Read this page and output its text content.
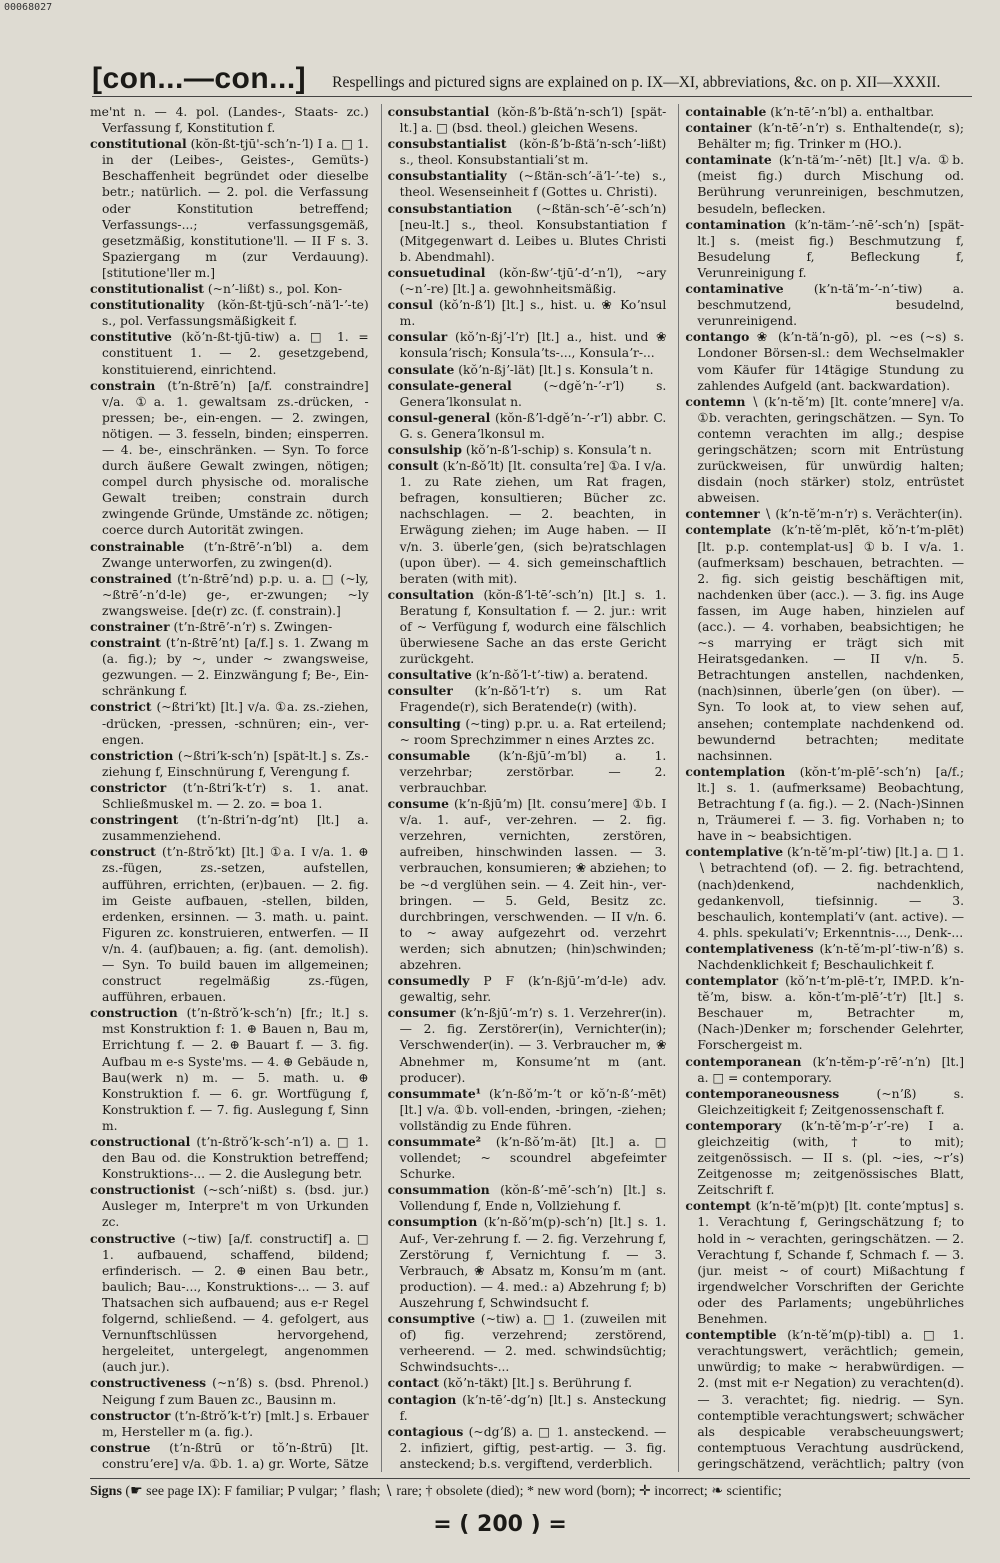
00068027
[con...—con...] Respellings and pictured signs are explained on p. IX—XI, abbreviations, &c. on p. XII—XXXII.

me'nt n. — 4. pol. (Landes-, Staats- zc.) Verfassung f, Konstitution f.

constitutional (kŏn-ßt-tjū'-schʼn-ʼl) I a. □ 1. in der (Leibes-, Geistes-, Gemüts-) Beschaffenheit begründet oder dieselbe betr.; natürlich. — 2. pol. die Verfassung oder Konstitution betreffend; Verfassungs-...; verfassungsgemäß, gesetzmäßig, konstitutione'll. — II F s. 3. Spaziergang m (zur Verdauung). [stitutione'ller m.]

constitutionalist (~nʼ-lißt) s., pol. Kon-

constitutionality (kŏn-ßt-tjū-schʼ-näʼl-ʼ-te) s., pol. Verfassungsmäßigkeit f.

constitutive (kŏʼn-ßt-tjū-tiw) a. □ 1. = constituent 1. — 2. gesetzgebend, konstituierend, einrichtend.

constrain (tʼn-ßtrēʼn) [a/f. constraindre] v/a. ①a. 1. gewaltsam zs.-drücken, -pressen; be-, ein-engen. — 2. zwingen, nötigen. — 3. fesseln, binden; einsperren. — 4. be-, einschränken. — Syn. To force durch äußere Gewalt zwingen, nötigen; compel durch physische od. moralische Gewalt treiben; constrain durch zwingende Gründe, Umstände zc. nötigen; coerce durch Autorität zwingen.

constrainable (tʼn-ßtrēʼ-nʼbl) a. dem Zwange unterworfen, zu zwingen(d).

constrained (tʼn-ßtrēʼnd) p.p. u. a. □ (~ly, ~ßtrēʼ-nʼd-le) ge-, er-zwungen; ~ly zwangsweise. [de(r) zc. (f. constrain).]

constrainer (tʼn-ßtrēʼ-nʼr) s. Zwingen-

constraint (tʼn-ßtrēʼnt) [a/f.] s. 1. Zwang m (a. fig.); by ~, under ~ zwangsweise, gezwungen. — 2. Einzwängung f; Be-, Ein-schränkung f.

constrict (~ßtriʼkt) [lt.] v/a. ①a. zs.-ziehen, -drücken, -pressen, -schnüren; ein-, ver-engen.

constriction (~ßtriʼk-schʼn) [spät-lt.] s. Zs.-ziehung f, Einschnürung f, Verengung f.

constrictor (tʼn-ßtriʼk-tʼr) s. 1. anat. Schließmuskel m. — 2. zo. = boa 1.

constringent (tʼn-ßtriʼn-dgʼnt) [lt.] a. zusammenziehend.

construct (tʼn-ßtrŏʼkt) [lt.] ①a. I v/a. 1. ⊕ zs.-fügen, zs.-setzen, aufstellen, aufführen, errichten, (er)bauen. — 2. fig. im Geiste aufbauen, -stellen, bilden, erdenken, ersinnen. — 3. math. u. paint. Figuren zc. konstruieren, entwerfen. — II v/n. 4. (auf)bauen; a. fig. (ant. demolish). — Syn. To build bauen im allgemeinen; construct regelmäßig zs.-fügen, aufführen, erbauen.

construction (tʼn-ßtrŏʼk-schʼn) [fr.; lt.] s. mst Konstruktion f: 1. ⊕ Bauen n, Bau m, Errichtung f. — 2. ⊕ Bauart f. — 3. fig. Aufbau m e-s Syste'ms. — 4. ⊕ Gebäude n, Bau(werk n) m. — 5. math. u. ⊕ Konstruktion f. — 6. gr. Wortfügung f, Konstruktion f. — 7. fig. Auslegung f, Sinn m.

constructional (tʼn-ßtrŏʼk-schʼ-nʼl) a. □ 1. den Bau od. die Konstruktion betreffend; Konstruktions-... — 2. die Auslegung betr.

constructionist (~schʼ-nißt) s. (bsd. jur.) Ausleger m, Interpre't m von Urkunden zc.

constructive (~tiw) [a/f. constructif] a. □ 1. aufbauend, schaffend, bildend; erfinderisch. — 2. ⊕ einen Bau betr., baulich; Bau-..., Konstruktions-... — 3. auf Thatsachen sich aufbauend; aus e-r Regel folgernd, schließend. — 4. gefolgert, aus Vernunftschlüssen hervorgehend, hergeleitet, untergelegt, angenommen (auch jur.).

constructiveness (~nʼß) s. (bsd. Phrenol.) Neigung f zum Bauen zc., Bausinn m.

constructor (tʼn-ßtrŏʼk-tʼr) [mlt.] s. Erbauer m, Hersteller m (a. fig.).

construe (tʼn-ßtrū or tŏʼn-ßtrū) [lt. construʼere] v/a. ①b. 1. a) gr. Worte, Sätze

consubstantial (kŏn-ßʼb-ßtäʼn-schʼl) [spät-lt.] a. □ (bsd. theol.) gleichen Wesens.

consubstantialist (kŏn-ßʼb-ßtäʼn-schʼ-lißt) s., theol. Konsubstantialiʼst m.

consubstantiality (~ßtän-schʼ-äʼl-ʼ-te) s., theol. Wesenseinheit f (Gottes u. Christi).

consubstantiation (~ßtän-schʼ-ēʼ-schʼn) [neu-lt.] s., theol. Konsubstantiation f (Mitgegenwart d. Leibes u. Blutes Christi b. Abendmahl).

consuetudinal (kŏn-ßwʼ-tjūʼ-dʼ-nʼl), ~ary (~nʼ-re) [lt.] a. gewohnheitsmäßig.

consul (kŏʼn-ßʼl) [lt.] s., hist. u. ❀ Koʼnsul m.

consular (kŏʼn-ßjʼ-lʼr) [lt.] a., hist. und ❀ konsulaʼrisch; Konsulaʼts-..., Konsulaʼr-...

consulate (kŏʼn-ßjʼ-lät) [lt.] s. Konsulaʼt n.

consulate-general	(~dgĕʼn-ʼ-rʼl) s. Generaʼlkonsulat n.

consul-general (kŏn-ßʼl-dgĕʼn-ʼ-rʼl) abbr. C. G. s. Generaʼlkonsul m.

consulship (kŏʼn-ßʼl-schip) s. Konsulaʼt n.

consult (kʼn-ßŏʼlt) [lt. consultaʼre] ①a. I v/a. 1. zu Rate ziehen, um Rat fragen, befragen, konsultieren; Bücher zc. nachschlagen. — 2. beachten, in Erwägung ziehen; im Auge haben. — II v/n. 3. überleʼgen, (sich be)ratschlagen (upon über). — 4. sich gemeinschaftlich beraten (with mit).

consultation (kŏn-ßʼl-tēʼ-schʼn) [lt.] s. 1. Beratung f, Konsultation f. — 2. jur.: writ of ~ Verfügung f, wodurch eine fälschlich überwiesene Sache an das erste Gericht zurückgeht.

consultative (kʼn-ßŏʼl-tʼ-tiw) a. beratend.

consulter (kʼn-ßŏʼl-tʼr) s. um Rat Fragende(r), sich Beratende(r) (with).

consulting (~ting) p.pr. u. a. Rat erteilend; ~ room Sprechzimmer n eines Arztes zc.

consumable (kʼn-ßjūʼ-mʼbl) a. 1. verzehrbar; zerstörbar. — 2. verbrauchbar.

consume (kʼn-ßjūʼm) [lt. consuʼmere] ①b. I v/a. 1. auf-, ver-zehren. — 2. fig. verzehren, vernichten, zerstören, aufreiben, hinschwinden lassen. — 3. verbrauchen, konsumieren; ❀ abziehen; to be ~d verglühen sein. — 4. Zeit hin-, ver-bringen. — 5. Geld, Besitz zc. durchbringen, verschwenden. — II v/n. 6. to ~ away aufgezehrt od. verzehrt werden; sich abnutzen; (hin)schwinden; abzehren.

consumedly P F (kʼn-ßjūʼ-mʼd-le) adv. gewaltig, sehr.

consumer (kʼn-ßjūʼ-mʼr) s. 1. Verzehrer(in). — 2. fig. Zerstörer(in), Vernichter(in); Verschwender(in). — 3. Verbraucher m, ❀ Abnehmer m, Konsumeʼnt m (ant. producer).

consummate¹ (kʼn-ßŏʼm-ʼt or kŏʼn-ßʼ-mēt) [lt.] v/a. ①b. voll-enden, -bringen, -ziehen; vollständig zu Ende führen.

consummate² (kʼn-ßŏʼm-ät) [lt.] a. □ vollendet; ~ scoundrel abgefeimter Schurke.

consummation (kŏn-ßʼ-mēʼ-schʼn) [lt.] s. Vollendung f, Ende n, Vollziehung f.

consumption (kʼn-ßŏʼm(p)-schʼn) [lt.] s. 1. Auf-, Ver-zehrung f. — 2. fig. Verzehrung f, Zerstörung f, Vernichtung f. — 3. Verbrauch, ❀ Absatz m, Konsuʼm m (ant. production). — 4. med.: a) Abzehrung f; b) Auszehrung f, Schwindsucht f.

consumptive (~tiw) a. □ 1. (zuweilen mit of) fig. verzehrend; zerstörend, verheerend. — 2. med. schwindsüchtig; Schwindsuchts-...

contact (kŏʼn-täkt) [lt.] s. Berührung f.

contagion (kʼn-tēʼ-dgʼn) [lt.] s. Ansteckung f.

contagious (~dgʼß) a. □ 1. ansteckend. — 2. infiziert, giftig, pest-artig. — 3. fig. ansteckend; b.s. vergiftend, verderblich.

containable (kʼn-tēʼ-nʼbl) a. enthaltbar.

container (kʼn-tēʼ-nʼr) s. Enthaltende(r, s); Behälter m; fig. Trinker m (HO.).

contaminate (kʼn-täʼm-ʼ-nēt) [lt.] v/a. ①b. (meist fig.) durch Mischung od. Berührung verunreinigen, beschmutzen, besudeln, beflecken.

contamination (kʼn-täm-ʼ-nēʼ-schʼn) [spät-lt.] s. (meist fig.) Beschmutzung f, Besudelung f, Befleckung f, Verunreinigung f.

contaminative (kʼn-täʼm-ʼ-nʼ-tiw) a. beschmutzend, besudelnd, verunreinigend.

contango ❀ (kʼn-täʼn-gō), pl. ~es (~s) s. Londoner Börsen-sl.: dem Wechselmakler vom Käufer für 14tägige Stundung zu zahlendes Aufgeld (ant. backwardation).

contemn ∖ (kʼn-tĕʼm) [lt. conteʼmnere] v/a. ①b. verachten, geringschätzen. — Syn. To contemn verachten im allg.; despise geringschätzen; scorn mit Entrüstung zurückweisen, für unwürdig halten; disdain (noch stärker) stolz, entrüstet abweisen.

contemner ∖ (kʼn-tĕʼm-nʼr) s. Verächter(in).

contemplate (kʼn-tĕʼm-plēt, kŏʼn-tʼm-plēt) [lt. p.p. contemplat-us] ①b. I v/a. 1. (aufmerksam) beschauen, betrachten. — 2. fig. sich geistig beschäftigen mit, nachdenken über (acc.). — 3. fig. ins Auge fassen, im Auge haben, hinzielen auf (acc.). — 4. vorhaben, beabsichtigen; he ~s marrying er trägt sich mit Heiratsgedanken. — II v/n. 5. Betrachtungen anstellen, nachdenken, (nach)sinnen, überleʼgen (on über). — Syn. To look at, to view sehen auf, ansehen; contemplate nachdenkend od. bewundernd betrachten; meditate nachsinnen.

contemplation (kŏn-tʼm-plēʼ-schʼn) [a/f.; lt.] s. 1. (aufmerksame) Beobachtung, Betrachtung f (a. fig.). — 2. (Nach-)Sinnen n, Träumerei f. — 3. fig. Vorhaben n; to have in ~ beabsichtigen.

contemplative (kʼn-tĕʼm-plʼ-tiw) [lt.] a. □ 1. ∖ betrachtend (of). — 2. fig. betrachtend, (nach)denkend, nachdenklich, gedankenvoll, tiefsinnig. — 3. beschaulich, kontemplatiʼv (ant. active). — 4. phls. spekulatiʼv; Erkenntnis-..., Denk-...

contemplativeness (kʼn-tĕʼm-plʼ-tiw-nʼß) s. Nachdenklichkeit f; Beschaulichkeit f.

contemplator (kŏʼn-tʼm-plē-tʼr, IMP.D. kʼn-tĕʼm, bisw. a. kŏn-tʼm-plēʼ-tʼr) [lt.] s. Beschauer m, Betrachter m, (Nach-)Denker m; forschender Gelehrter, Forschergeist m.

contemporanean (kʼn-tĕm-pʼ-rēʼ-nʼn) [lt.] a. □ = contemporary.

contemporaneousness	(~nʼß) s. Gleichzeitigkeit f; Zeitgenossenschaft f.

contemporary (kʼn-tĕʼm-pʼ-rʼ-re) I a. gleichzeitig (with, † to mit); zeitgenössisch. — II s. (pl. ~ies, ~rʼs) Zeitgenosse m; zeitgenössisches Blatt, Zeitschrift f.

contempt (kʼn-tĕʼm(p)t) [lt. conteʼmptus] s. 1. Verachtung f, Geringschätzung f; to hold in ~ verachten, geringschätzen. — 2. Verachtung f, Schande f, Schmach f. — 3. (jur. meist ~ of court) Mißachtung f irgendwelcher Vorschriften der Gerichte oder des Parlaments; ungebührliches Benehmen.

contemptible (kʼn-tĕʼm(p)-tibl) a. □ 1. verachtungswert, verächtlich; gemein, unwürdig; to make ~ herabwürdigen. — 2. (mst mit e-r Negation) zu verachten(d). — 3. verachtet; fig. niedrig. — Syn. contemptible verachtungswert; schwächer als despicable verabscheuungswert; contemptuous Verachtung ausdrückend, geringschätzend, verächtlich; paltry (von

Signs (☛ see page IX): F familiar; P vulgar; ʼ flash; ∖ rare; † obsolete (died); * new word (born); ✛ incorrect; ❧ scientific;
= ( 200 ) =
